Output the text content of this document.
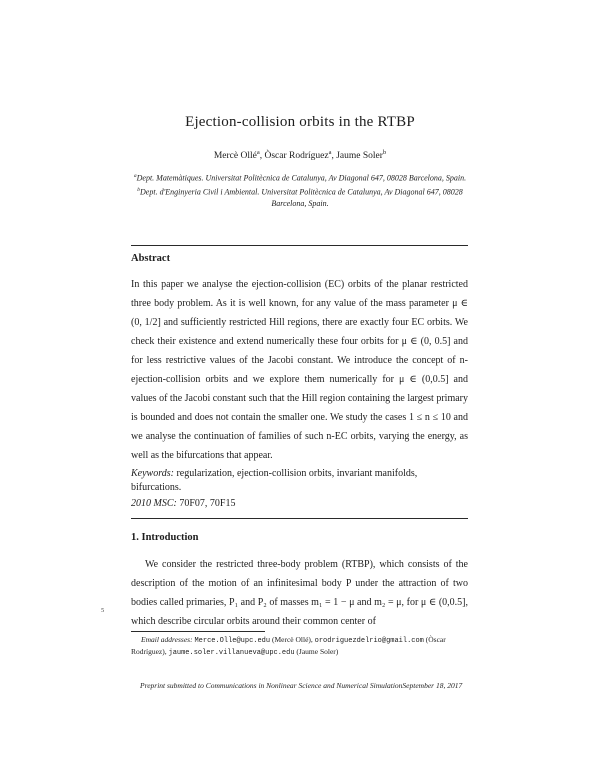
Ejection-collision orbits in the RTBP
Mercè Ollé$^a$, Òscar Rodríguez$^a$, Jaume Soler$^b$
$^a$Dept. Matemàtiques. Universitat Politècnica de Catalunya, Av Diagonal 647, 08028 Barcelona, Spain.
$^b$Dept. d'Enginyeria Civil i Ambiental. Universitat Politècnica de Catalunya, Av Diagonal 647, 08028 Barcelona, Spain.
Abstract

In this paper we analyse the ejection-collision (EC) orbits of the planar restricted three body problem. As it is well known, for any value of the mass parameter μ ∈ (0, 1/2] and sufficiently restricted Hill regions, there are exactly four EC orbits. We check their existence and extend numerically these four orbits for μ ∈ (0, 0.5] and for less restrictive values of the Jacobi constant. We introduce the concept of n-ejection-collision orbits and we explore them numerically for μ ∈ (0,0.5] and values of the Jacobi constant such that the Hill region containing the largest primary is bounded and does not contain the smaller one. We study the cases 1 ≤ n ≤ 10 and we analyse the continuation of families of such n-EC orbits, varying the energy, as well as the bifurcations that appear.

Keywords: regularization, ejection-collision orbits, invariant manifolds, bifurcations.

2010 MSC: 70F07, 70F15

1. Introduction

We consider the restricted three-body problem (RTBP), which consists of the description of the motion of an infinitesimal body P under the attraction of two bodies called primaries, P₁ and P₂ of masses m₁ = 1 − μ and m₂ = μ, for μ ∈ (0,0.5], which describe circular orbits around their common center of

5

Email addresses: Merce.Olle@upc.edu (Mercè Ollé), orodriguezdelrio@gmail.com (Òscar Rodríguez), jaume.soler.villanueva@upc.edu (Jaume Soler)

Preprint submitted to Communications in Nonlinear Science and Numerical SimulationSeptember 18, 2017
